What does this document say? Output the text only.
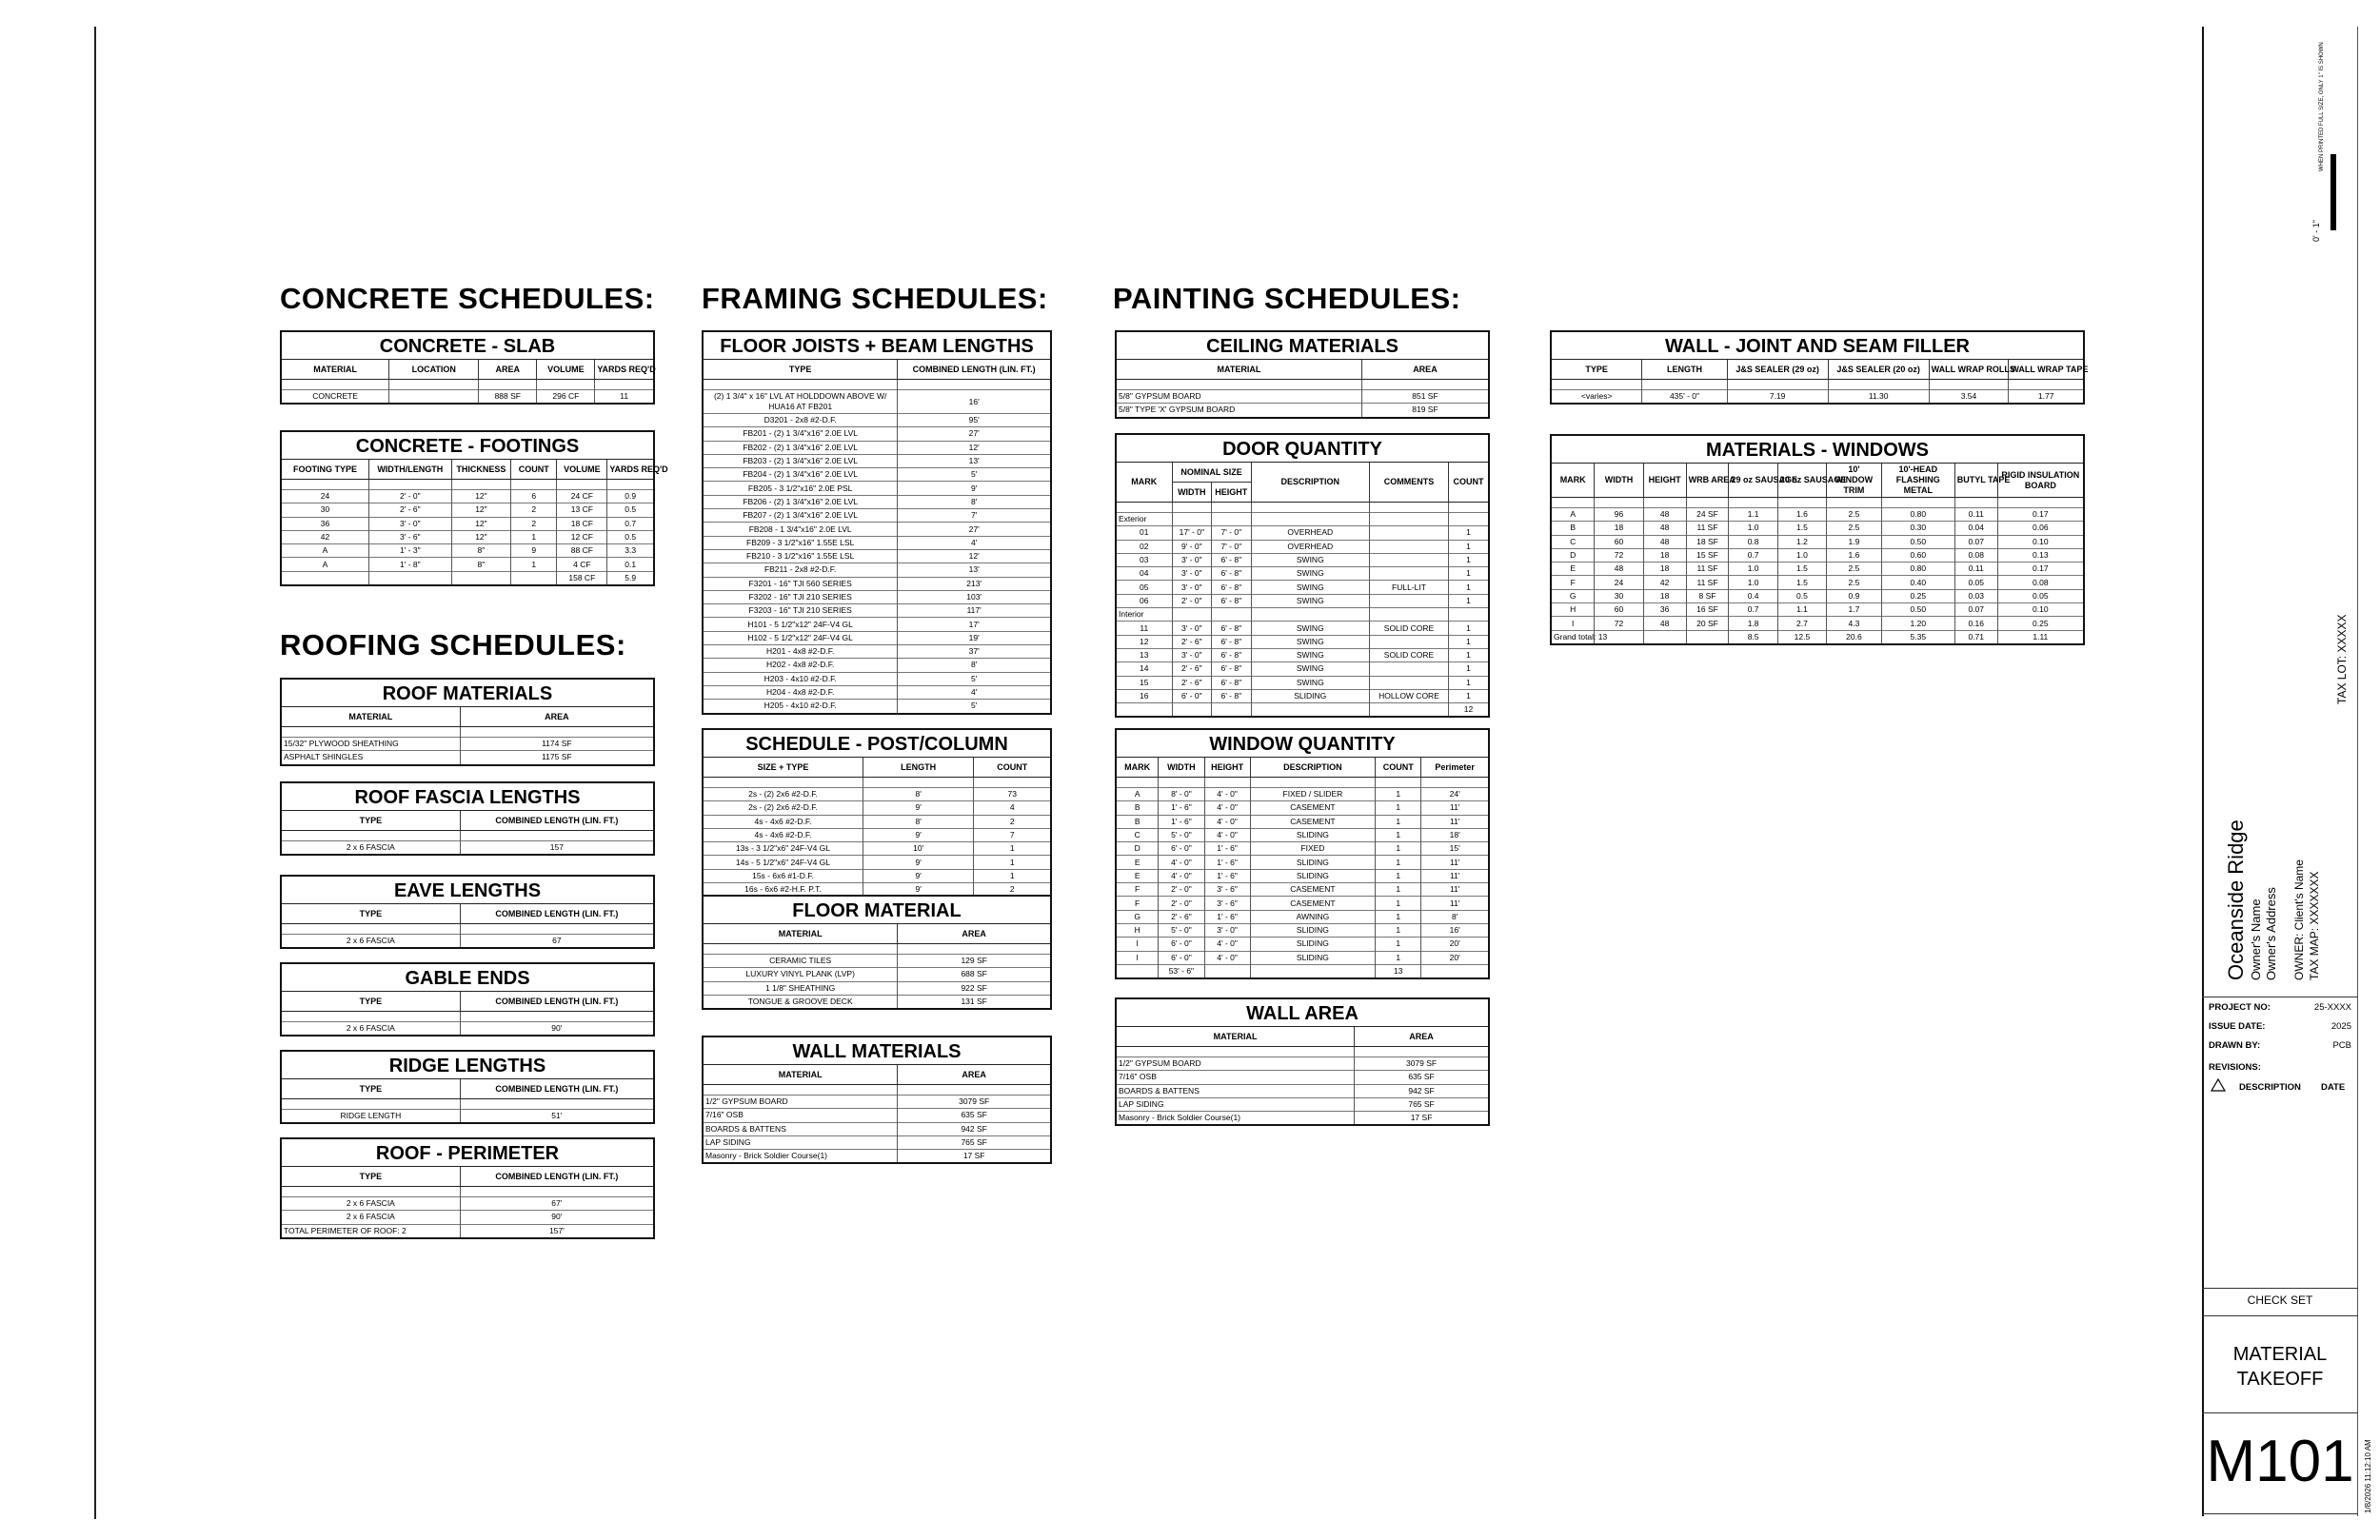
CONCRETE SCHEDULES:
ROOFING SCHEDULES:
FRAMING SCHEDULES: PAINTING SCHEDULES:
CONCRETE - SLAB
MATERIAL	LOCATION	AREA	VOLUME	YARDS REQ'D

CONCRETE		888 SF	296 CF	11
CONCRETE - FOOTINGS
FOOTING TYPE	WIDTH/LENGTH	THICKNESS	COUNT	VOLUME	YARDS REQ'D

24	2' - 0"	12"	6	24 CF	0.9
30	2' - 6"	12"	2	13 CF	0.5
36	3' - 0"	12"	2	18 CF	0.7
42	3' - 6"	12"	1	12 CF	0.5
A	1' - 3"	8"	9	88 CF	3.3
A	1' - 8"	8"	1	4 CF	0.1
				158 CF	5.9
ROOF MATERIALS
MATERIAL	AREA

15/32" PLYWOOD SHEATHING	1174 SF
ASPHALT SHINGLES	1175 SF
ROOF FASCIA LENGTHS
TYPE	COMBINED LENGTH (LIN. FT.)

2 x 6 FASCIA	157
EAVE LENGTHS
TYPE	COMBINED LENGTH (LIN. FT.)

2 x 6 FASCIA	67
GABLE ENDS
TYPE	COMBINED LENGTH (LIN. FT.)

2 x 6 FASCIA	90'
RIDGE LENGTHS
TYPE	COMBINED LENGTH (LIN. FT.)

RIDGE LENGTH	51'
ROOF - PERIMETER
TYPE	COMBINED LENGTH (LIN. FT.)

2 x 6 FASCIA	67'
2 x 6 FASCIA	90'
TOTAL PERIMETER OF ROOF: 2	157'
FLOOR JOISTS + BEAM LENGTHS
TYPE	COMBINED LENGTH (LIN. FT.)

(2) 1 3/4" x 16" LVL AT HOLDDOWN ABOVE W/ HUA16 AT FB201	16'
D3201 - 2x8 #2-D.F.	95'
FB201 - (2) 1 3/4"x16" 2.0E LVL	27'
FB202 - (2) 1 3/4"x16" 2.0E LVL	12'
FB203 - (2) 1 3/4"x16" 2.0E LVL	13'
FB204 - (2) 1 3/4"x16" 2.0E LVL	5'
FB205 - 3 1/2"x16" 2.0E PSL	9'
FB206 - (2) 1 3/4"x16" 2.0E LVL	8'
FB207 - (2) 1 3/4"x16" 2.0E LVL	7'
FB208 - 1 3/4"x16" 2.0E LVL	27'
FB209 - 3 1/2"x16" 1.55E LSL	4'
FB210 - 3 1/2"x16" 1.55E LSL	12'
FB211 - 2x8 #2-D.F.	13'
F3201 - 16" TJI 560 SERIES	213'
F3202 - 16" TJI 210 SERIES	103'
F3203 - 16" TJI 210 SERIES	117'
H101 - 5 1/2"x12" 24F-V4 GL	17'
H102 - 5 1/2"x12" 24F-V4 GL	19'
H201 - 4x8 #2-D.F.	37'
H202 - 4x8 #2-D.F.	8'
H203 - 4x10 #2-D.F.	5'
H204 - 4x8 #2-D.F.	4'
H205 - 4x10 #2-D.F.	5'
SCHEDULE - POST/COLUMN
SIZE + TYPE	LENGTH	COUNT

2s - (2) 2x6 #2-D.F.	8'	73
2s - (2) 2x6 #2-D.F.	9'	4
4s - 4x6 #2-D.F.	8'	2
4s - 4x6 #2-D.F.	9'	7
13s - 3 1/2"x6" 24F-V4 GL	10'	1
14s - 5 1/2"x6" 24F-V4 GL	9'	1
15s - 6x6 #1-D.F.	9'	1
16s - 6x6 #2-H.F. P.T.	9'	2
FLOOR MATERIAL
MATERIAL	AREA

CERAMIC TILES	129 SF
LUXURY VINYL PLANK (LVP)	688 SF
1 1/8" SHEATHING	922 SF
TONGUE & GROOVE DECK	131 SF
WALL MATERIALS
MATERIAL	AREA

1/2" GYPSUM BOARD	3079 SF
7/16" OSB	635 SF
BOARDS & BATTENS	942 SF
LAP SIDING	765 SF
Masonry - Brick Soldier Course(1)	17 SF
CEILING MATERIALS
MATERIAL	AREA

5/8" GYPSUM BOARD	851 SF
5/8" TYPE 'X' GYPSUM BOARD	819 SF
DOOR QUANTITY
MARK	NOMINAL SIZE		DESCRIPTION	COMMENTS	COUNT
	WIDTH	HEIGHT			

Exterior					
01	17' - 0"	7' - 0"	OVERHEAD		1
02	9' - 0"	7' - 0"	OVERHEAD		1
03	3' - 0"	6' - 8"	SWING		1
04	3' - 0"	6' - 8"	SWING		1
05	3' - 0"	6' - 8"	SWING	FULL-LIT	1
06	2' - 0"	6' - 8"	SWING		1
Interior					
11	3' - 0"	6' - 8"	SWING	SOLID CORE	1
12	2' - 6"	6' - 8"	SWING		1
13	3' - 0"	6' - 8"	SWING	SOLID CORE	1
14	2' - 6"	6' - 8"	SWING		1
15	2' - 6"	6' - 8"	SWING		1
16	6' - 0"	6' - 8"	SLIDING	HOLLOW CORE	1
					12
WINDOW QUANTITY
MARK	WIDTH	HEIGHT	DESCRIPTION	COUNT	Perimeter

A	8' - 0"	4' - 0"	FIXED / SLIDER	1	24'
B	1' - 6"	4' - 0"	CASEMENT	1	11'
B	1' - 6"	4' - 0"	CASEMENT	1	11'
C	5' - 0"	4' - 0"	SLIDING	1	18'
D	6' - 0"	1' - 6"	FIXED	1	15'
E	4' - 0"	1' - 6"	SLIDING	1	11'
E	4' - 0"	1' - 6"	SLIDING	1	11'
F	2' - 0"	3' - 6"	CASEMENT	1	11'
F	2' - 0"	3' - 6"	CASEMENT	1	11'
G	2' - 6"	1' - 6"	AWNING	1	8'
H	5' - 0"	3' - 0"	SLIDING	1	16'
I	6' - 0"	4' - 0"	SLIDING	1	20'
I	6' - 0"	4' - 0"	SLIDING	1	20'
	53' - 6"			13	
WALL AREA
MATERIAL	AREA

1/2" GYPSUM BOARD	3079 SF
7/16" OSB	635 SF
BOARDS & BATTENS	942 SF
LAP SIDING	765 SF
Masonry - Brick Soldier Course(1)	17 SF
WALL - JOINT AND SEAM FILLER
TYPE	LENGTH	J&S SEALER (29 oz)	J&S SEALER (20 oz)	WALL WRAP ROLLS	WALL WRAP TAPE

<varies>	435' - 0"	7.19	11.30	3.54	1.77
MATERIALS - WINDOWS
MARK	WIDTH	HEIGHT	WRB AREA	29 oz SAUSAGE	20 oz SAUSAGE	10' WINDOW TRIM	10'-HEAD FLASHING METAL	BUTYL TAPE	RIGID INSULATION BOARD

A	96	48	24 SF	1.1	1.6	2.5	0.80	0.11	0.17
B	18	48	11 SF	1.0	1.5	2.5	0.30	0.04	0.06
C	60	48	18 SF	0.8	1.2	1.9	0.50	0.07	0.10
D	72	18	15 SF	0.7	1.0	1.6	0.60	0.08	0.13
E	48	18	11 SF	1.0	1.5	2.5	0.80	0.11	0.17
F	24	42	11 SF	1.0	1.5	2.5	0.40	0.05	0.08
G	30	18	8 SF	0.4	0.5	0.9	0.25	0.03	0.05
H	60	36	16 SF	0.7	1.1	1.7	0.50	0.07	0.10
I	72	48	20 SF	1.8	2.7	4.3	1.20	0.16	0.25
Grand total: 13				8.5	12.5	20.6	5.35	0.71	1.11
0' - 1"
WHEN PRINTED FULL SIZE, ONLY 1" IS SHOWN
TAX LOT: XXXXX
Oceanside Ridge Owner's Name Owner's Address OWNER: Client's Name TAX MAP: XXXXXXX
PROJECT NO:	25-XXXX
ISSUE DATE:	2025
DRAWN BY:	PCB
REVISIONS:
DESCRIPTION DATE
CHECK SET
MATERIAL
TAKEOFF
M101	1/8/2026 11:12:10 AM
